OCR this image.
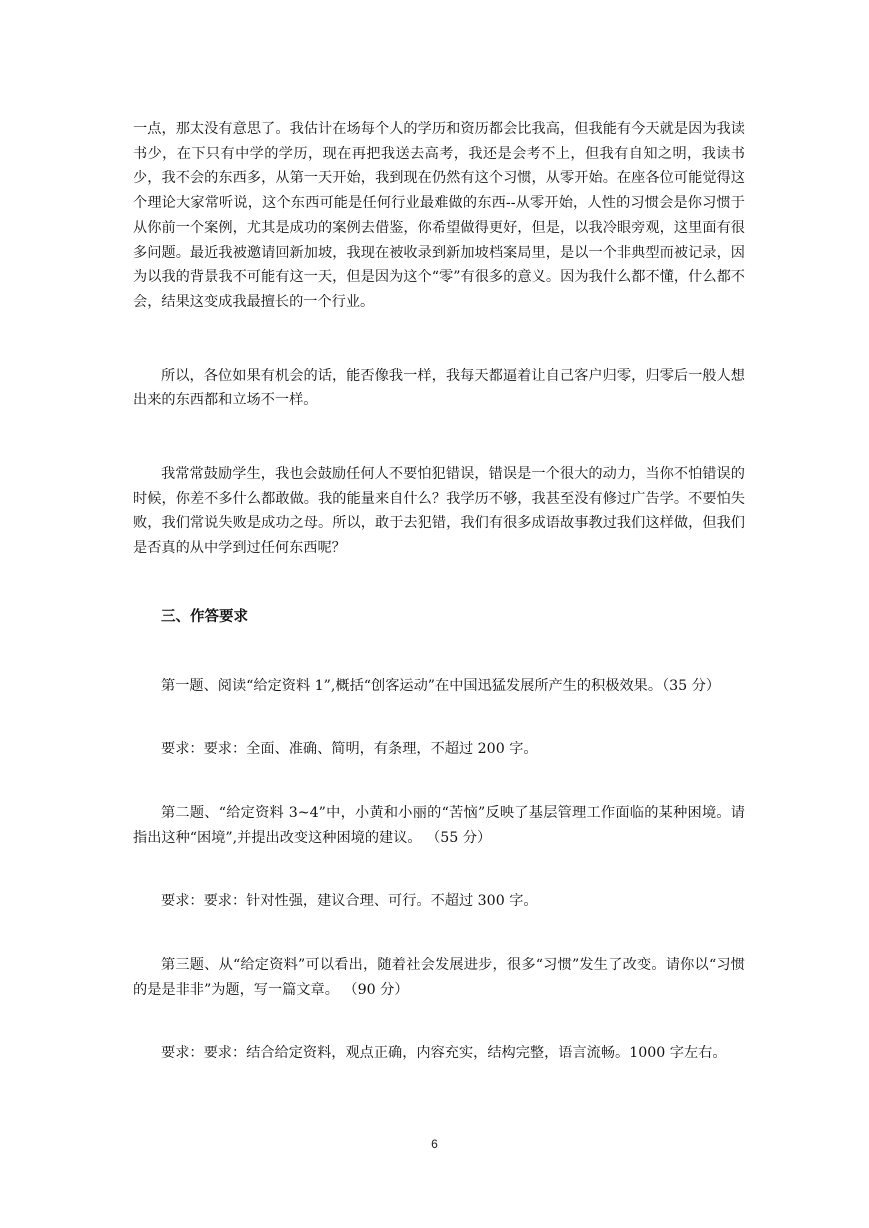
一点，那太没有意思了。我估计在场每个人的学历和资历都会比我高，但我能有今天就是因为我读书少，在下只有中学的学历，现在再把我送去高考，我还是会考不上，但我有自知之明，我读书少，我不会的东西多，从第一天开始，我到现在仍然有这个习惯，从零开始。在座各位可能觉得这个理论大家常听说，这个东西可能是任何行业最难做的东西--从零开始，人性的习惯会是你习惯于从你前一个案例，尤其是成功的案例去借鉴，你希望做得更好，但是，以我冷眼旁观，这里面有很多问题。最近我被邀请回新加坡，我现在被收录到新加坡档案局里，是以一个非典型而被记录，因为以我的背景我不可能有这一天，但是因为这个“零”有很多的意义。因为我什么都不懂，什么都不会，结果这变成我最擅长的一个行业。

所以，各位如果有机会的话，能否像我一样，我每天都逼着让自己客户归零，归零后一般人想出来的东西都和立场不一样。

我常常鼓励学生，我也会鼓励任何人不要怕犯错误，错误是一个很大的动力，当你不怕错误的时候，你差不多什么都敢做。我的能量来自什么？我学历不够，我甚至没有修过广告学。不要怕失败，我们常说失败是成功之母。所以，敢于去犯错，我们有很多成语故事教过我们这样做，但我们是否真的从中学到过任何东西呢？

三、作答要求

第一题、阅读“给定资料 1”,概括“创客运动”在中国迅猛发展所产生的积极效果。（35 分）

要求：要求：全面、准确、简明，有条理，不超过 200 字。

第二题、“给定资料 3~4”中，小黄和小丽的“苦恼”反映了基层管理工作面临的某种困境。请指出这种“困境”,并提出改变这种困境的建议。 （55 分）

要求：要求：针对性强，建议合理、可行。不超过 300 字。

第三题、从“给定资料”可以看出，随着社会发展进步，很多“习惯”发生了改变。请你以“习惯的是是非非”为题，写一篇文章。 （90 分）

要求：要求：结合给定资料，观点正确，内容充实，结构完整，语言流畅。1000 字左右。

6
